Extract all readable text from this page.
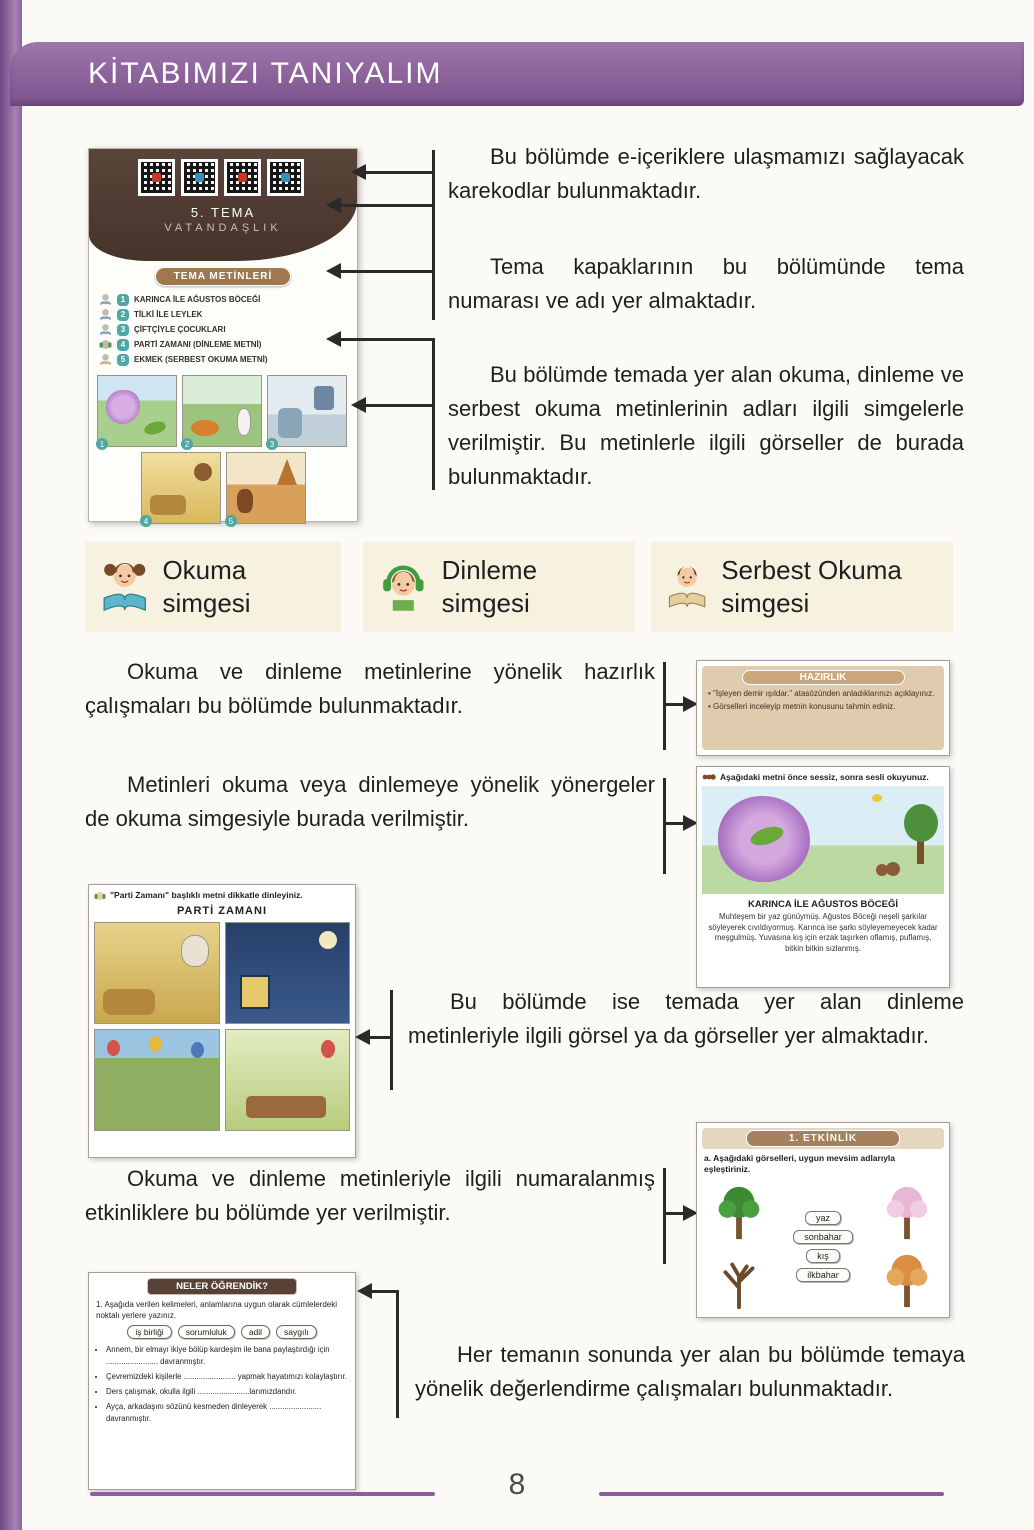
KİTABIMIZI TANIYALIM
5. TEMA
VATANDAŞLIK
TEMA METİNLERİ
1	KARINCA İLE AĞUSTOS BÖCEĞİ
2	TİLKİ İLE LEYLEK
3	ÇİFTÇİYLE ÇOCUKLARI
4	PARTİ ZAMANI (DİNLEME METNİ)
5	EKMEK (SERBEST OKUMA METNİ)
1	2	3
4	5
Bu bölümde e-içeriklere ulaşmamızı sağlayacak karekodlar bulunmaktadır.
Tema kapaklarının bu bölümünde tema numarası ve adı yer almaktadır.
Bu bölümde temada yer alan okuma, dinleme ve serbest okuma metinlerinin adları ilgili simgelerle verilmiştir. Bu metinlerle ilgili görseller de burada bulunmaktadır.
Okuma simgesi
Dinleme simgesi
Serbest Okuma simgesi
Okuma ve dinleme metinlerine yönelik hazırlık çalışmaları bu bölümde bulunmaktadır.
HAZIRLIK
• "İşleyen demir ışıldar." atasözünden anladıklarınızı açıklayınız.
• Görselleri inceleyip metnin konusunu tahmin ediniz.
Metinleri okuma veya dinlemeye yönelik yönergeler de okuma simgesiyle burada verilmiştir.
Aşağıdaki metni önce sessiz, sonra sesli okuyunuz.
KARINCA İLE AĞUSTOS BÖCEĞİ
Muhteşem bir yaz günüymüş. Ağustos Böceği neşeli şarkılar söyleyerek cıvıldıyormuş. Karınca ise şarkı söyleyemeyecek kadar meşgulmüş. Yuvasına kış için erzak taşırken oflamış, puflamış, bitkin bitkin sızlanmış.
"Parti Zamanı" başlıklı metni dikkatle dinleyiniz.
PARTİ ZAMANI
Bu bölümde ise temada yer alan dinleme metinleriyle ilgili görsel ya da görseller yer almaktadır.
Okuma ve dinleme metinleriyle ilgili numaralanmış etkinliklere bu bölümde yer verilmiştir.
1. ETKİNLİK
a. Aşağıdaki görselleri, uygun mevsim adlarıyla eşleştiriniz.
yaz
sonbahar
kış
ilkbahar
NELER ÖĞRENDİK?
1. Aşağıda verilen kelimeleri, anlamlarına uygun olarak cümlelerdeki noktalı yerlere yazınız.
iş birliği	sorumluluk	adil	saygılı
• Annem, bir elmayı ikiye bölüp kardeşim ile bana paylaştırdığı için ........................ davranmıştır.
• Çevremizdeki kişilerle ........................ yapmak hayatımızı kolaylaştırır.
• Ders çalışmak, okulla ilgili ........................larımızdandır.
• Ayça, arkadaşını sözünü kesmeden dinleyerek ........................ davranmıştır.
Her temanın sonunda yer alan bu bölümde temaya yönelik değerlendirme çalışmaları bulunmaktadır.
8
